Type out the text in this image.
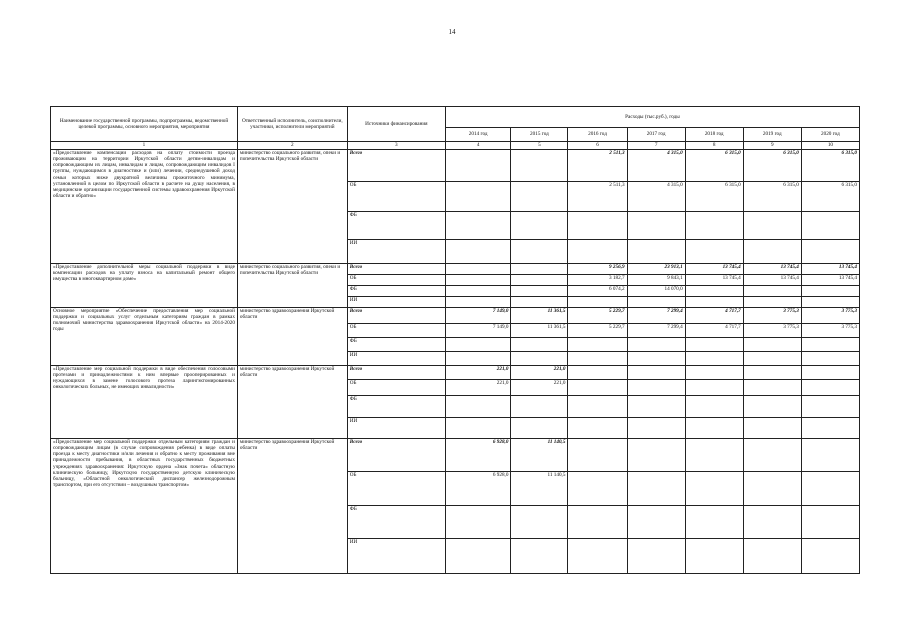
14
Наименование государственной программы, подпрограммы, ведомственной целевой программы, основного мероприятия, мероприятия	Ответственный исполнитель, соисполнители, участники, исполнители мероприятий	Источники финансирования	Расходы (тыс.руб.), годы						
			2014 год	2015 год	2016 год	2017 год	2018 год	2019 год	2020 год
1	2	3	4	5	6	7	8	9	10
«Предоставление компенсации расходов на оплату стоимости проезда проживающим на территории Иркутской области детям-инвалидам и сопровождающим их лицам, инвалидам и лицам, сопровождающим инвалидов I группы, нуждающимся в диагностике и (или) лечении, среднедушевой доход семьи которых ниже двукратной величины прожиточного минимума, установленной в целом по Иркутской области в расчете на душу населения, в медицинские организации государственной системы здравоохранения Иркутской области и обратно»	министерство социального развития, опеки и попечительства Иркутской области	Всего			2 511,3	4 315,0	6 315,0	6 315,0	6 315,0
		ОБ			2 511,3	4 315,0	6 315,0	6 315,0	6 315,0
		ФБ							
		ИИ							
«Предоставление дополнительной меры социальной поддержки в виде компенсации расходов на уплату взноса на капитальный ремонт общего имущества в многоквартирном доме»	министерство социального развития, опеки и попечительства Иркутской области	Всего			9 256,9	23 913,1	13 745,4	13 745,4	13 745,4
		ОБ			3 182,7	9 843,1	13 745,4	13 745,4	13 745,4
		ФБ			6 074,2	14 070,0			
		ИИ							
Основное мероприятие «Обеспечение предоставления мер социальной поддержки и социальных услуг отдельным категориям граждан в рамках полномочий министерства здравоохранения Иркутской области» на 2014-2020 годы	министерство здравоохранения Иркутской области	Всего	7 149,0	11 361,5	5 229,7	7 299,4	4 717,7	3 775,3	3 775,3
		ОБ	7 149,0	11 361,5	5 229,7	7 299,4	4 717,7	3 775,3	3 775,3
		ФБ							
		ИИ							
«Предоставление мер социальной поддержки в виде обеспечения голосовыми протезами и принадлежностями к ним впервые прооперированных и нуждающихся в замене голосового протеза ларингэктомированных онкологических больных, не имеющих инвалидности»	министерство здравоохранения Иркутской области	Всего	221,0	221,0					
		ОБ	221,0	221,0					
		ФБ							
		ИИ							
«Предоставление мер социальной поддержки отдельным категориям граждан и сопровождающим лицам (в случае сопровождения ребенка) в виде оплаты проезда к месту диагностики и/или лечения и обратно к месту проживания вне принадлежности пребывания, в областных государственных бюджетных учреждениях здравоохранения: Иркутскую ордена «Знак почета» областную клиническую больницу, Иркутскую государственную детскую клиническую больницу, «Областной онкологический диспансер железнодорожным транспортом, при его отсутствии – воздушным транспортом»	министерство здравоохранения Иркутской области	Всего	6 928,0	11 140,5					
		ОБ	6 928,0	11 140,5					
		ФБ							
		ИИ							
